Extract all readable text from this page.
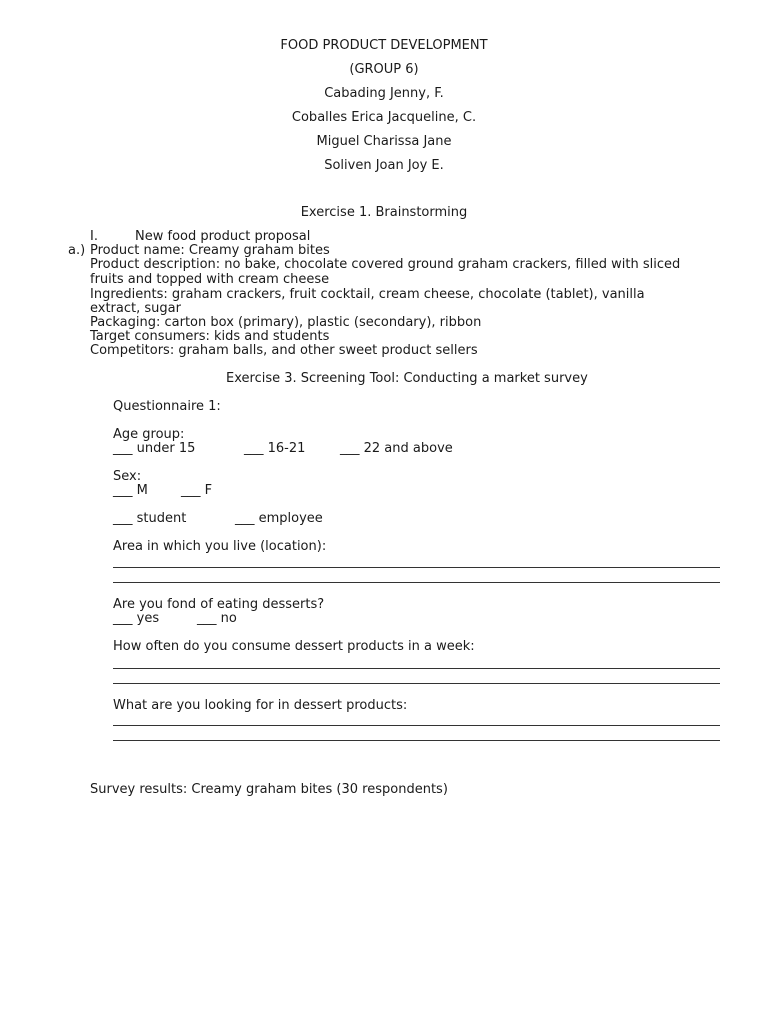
FOOD PRODUCT DEVELOPMENT
(GROUP 6)
Cabading Jenny, F.
Coballes Erica Jacqueline, C.
Miguel Charissa Jane
Soliven Joan Joy E.
Exercise 1. Brainstorming
I.	New food product proposal
a.) Product name: Creamy graham bites
Product description: no bake, chocolate covered ground graham crackers, filled with sliced
fruits and topped with cream cheese
Ingredients: graham crackers, fruit cocktail, cream cheese, chocolate (tablet), vanilla
extract, sugar
Packaging: carton box (primary), plastic (secondary), ribbon
Target consumers: kids and students
Competitors: graham balls, and other sweet product sellers
Exercise 3. Screening Tool: Conducting a market survey
Questionnaire 1:
Age group:
___ under 15	___ 16-21	___ 22 and above
Sex:
___ M	___ F
___ student	___ employee
Area in which you live (location):
Are you fond of eating desserts?
___ yes	___ no
How often do you consume dessert products in a week:
What are you looking for in dessert products:
Survey results: Creamy graham bites (30 respondents)
